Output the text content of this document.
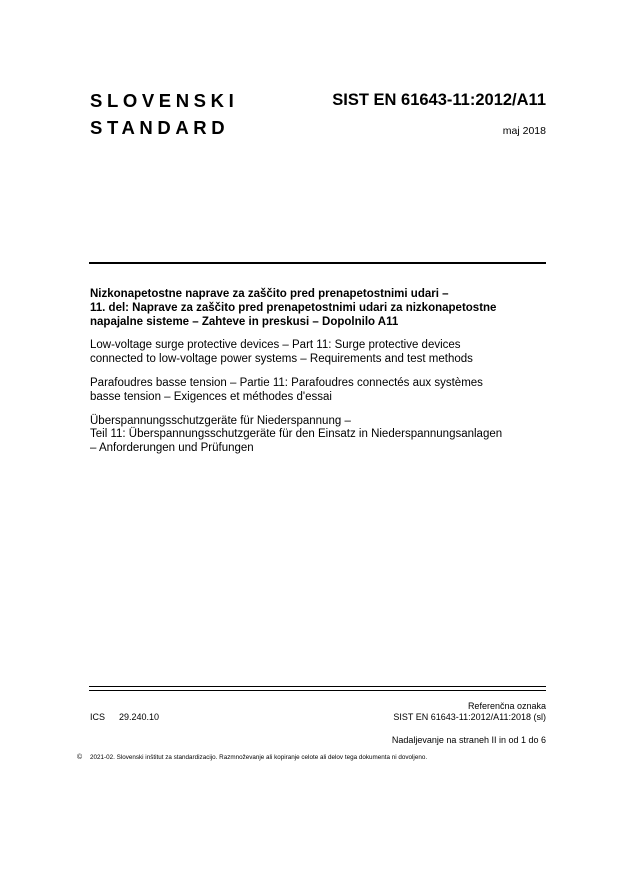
SLOVENSKI
STANDARD
SIST EN 61643-11:2012/A11
maj 2018
Nizkonapetostne naprave za zaščito pred prenapetostnimi udari –
11. del: Naprave za zaščito pred prenapetostnimi udari za nizkonapetostne
napajalne sisteme – Zahteve in preskusi – Dopolnilo A11
Low-voltage surge protective devices – Part 11: Surge protective devices
connected to low-voltage power systems – Requirements and test methods
Parafoudres basse tension – Partie 11: Parafoudres connectés aux systèmes
basse tension – Exigences et méthodes d'essai
Überspannungsschutzgeräte für Niederspannung –
Teil 11: Überspannungsschutzgeräte für den Einsatz in Niederspannungsanlagen
– Anforderungen und Prüfungen
Referenčna oznaka
ICS 29.240.10	SIST EN 61643-11:2012/A11:2018 (sl)
Nadaljevanje na straneh II in od 1 do 6
© 2021-02. Slovenski inštitut za standardizacijo. Razmnoževanje ali kopiranje celote ali delov tega dokumenta ni dovoljeno.
